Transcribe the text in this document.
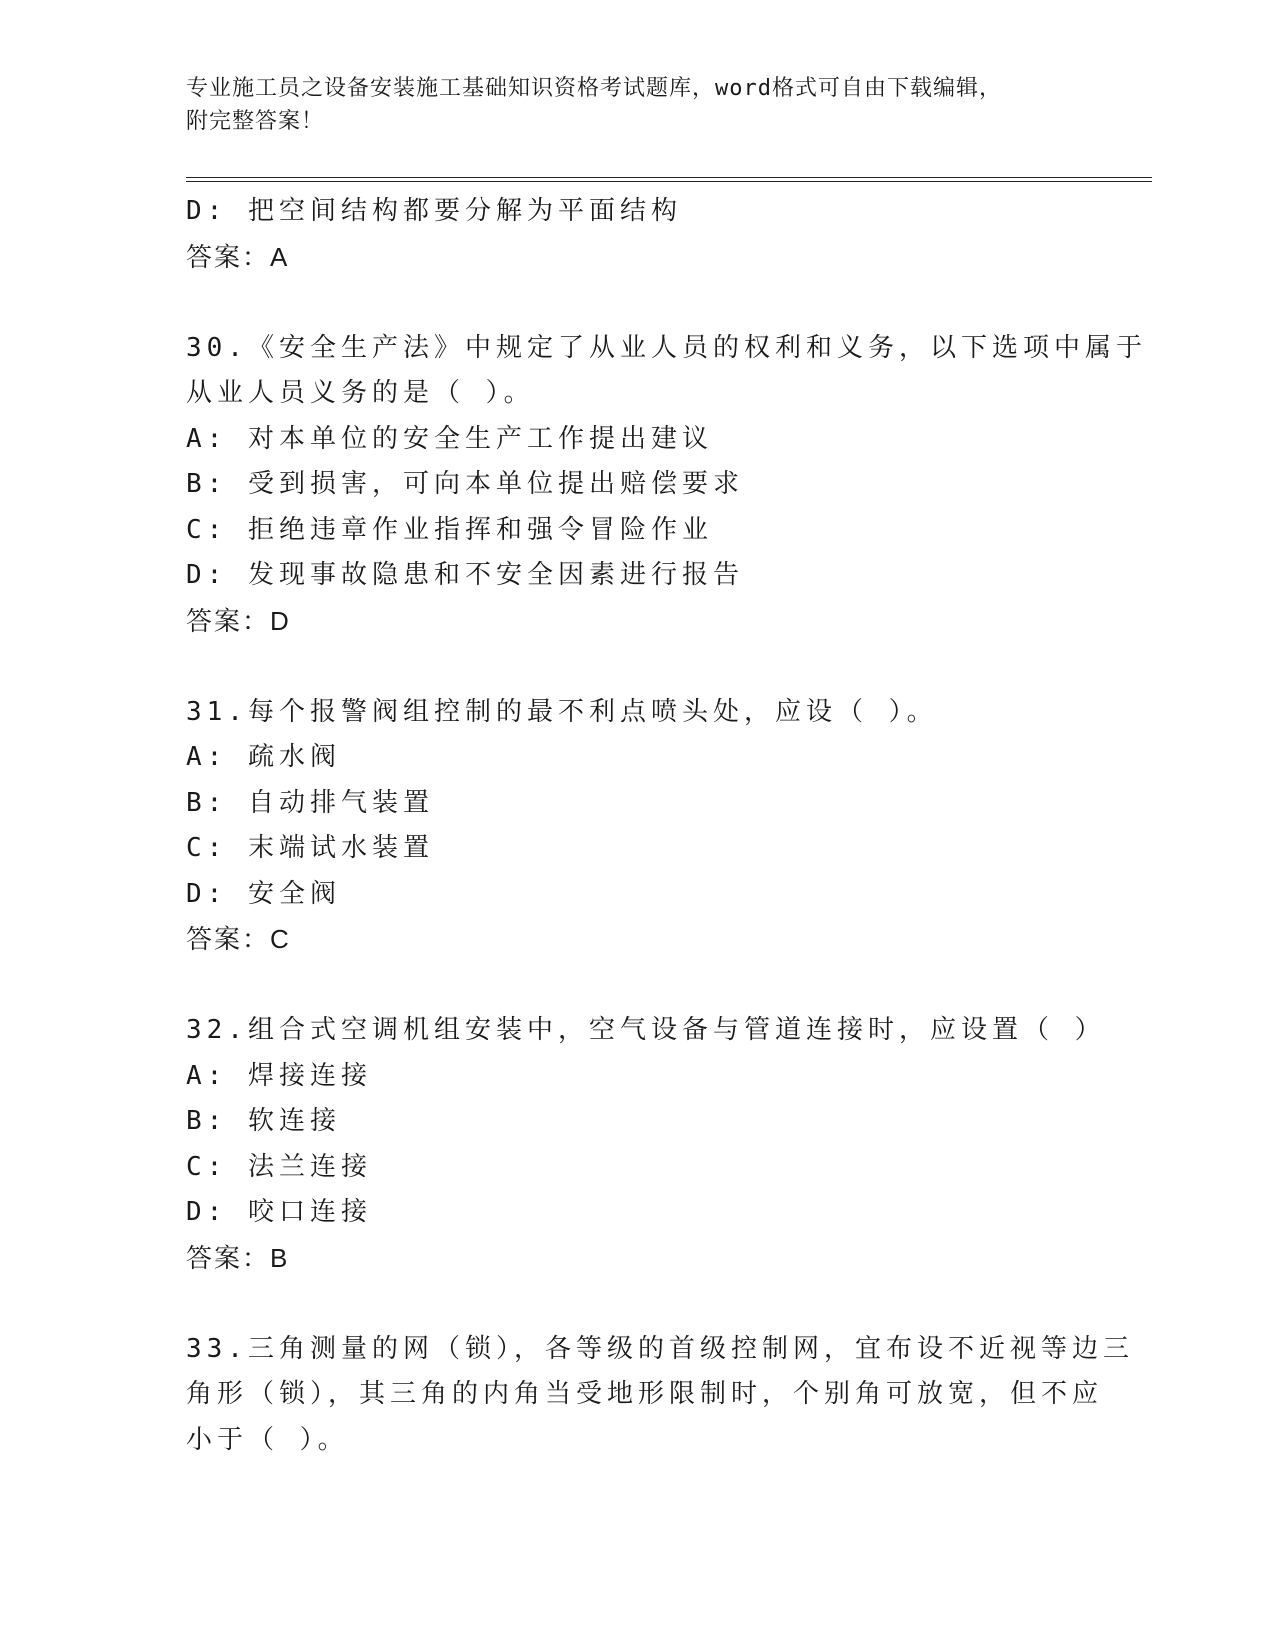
专业施工员之设备安装施工基础知识资格考试题库，word格式可自由下载编辑，
附完整答案！
D: 把空间结构都要分解为平面结构
答案：A
30.《安全生产法》中规定了从业人员的权利和义务，以下选项中属于
从业人员义务的是（ ）。
A: 对本单位的安全生产工作提出建议
B: 受到损害，可向本单位提出赔偿要求
C: 拒绝违章作业指挥和强令冒险作业
D: 发现事故隐患和不安全因素进行报告
答案：D
31.每个报警阀组控制的最不利点喷头处，应设（ ）。
A: 疏水阀
B: 自动排气装置
C: 末端试水装置
D: 安全阀
答案：C
32.组合式空调机组安装中，空气设备与管道连接时，应设置（ ）
A: 焊接连接
B: 软连接
C: 法兰连接
D: 咬口连接
答案：B
33.三角测量的网（锁），各等级的首级控制网，宜布设不近视等边三
角形（锁），其三角的内角当受地形限制时，个别角可放宽，但不应
小于（ ）。
